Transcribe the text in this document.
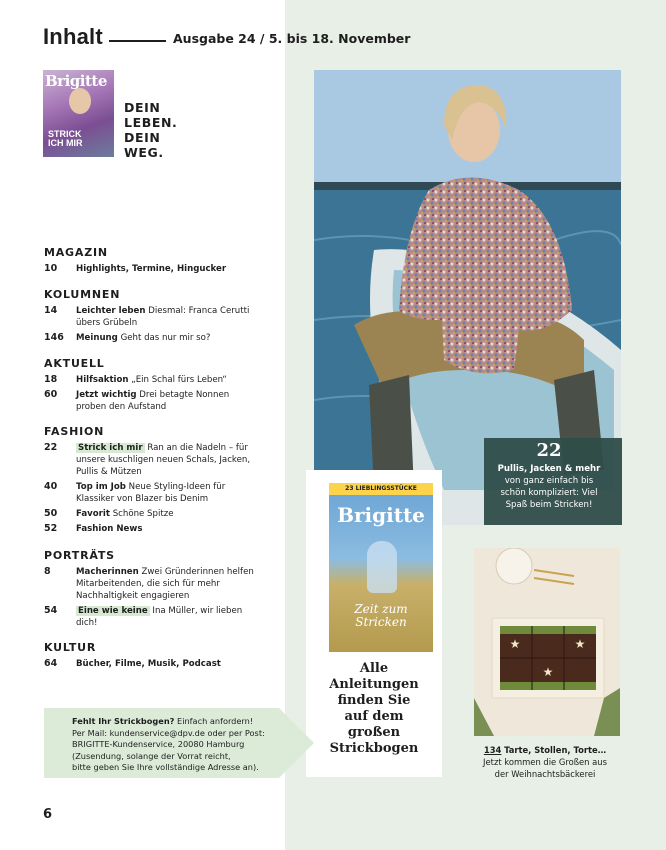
Inhalt	Ausgabe 24 / 5. bis 18. November
Brigitte
STRICK ICH MIR
DEIN
LEBEN.
DEIN
WEG.
MAGAZIN
10 Highlights, Termine, Hingucker
KOLUMNEN
14 Leichter leben Diesmal: Franca Cerutti übers Grübeln
146 Meinung Geht das nur mir so?
AKTUELL
18 Hilfsaktion „Ein Schal fürs Leben“
60 Jetzt wichtig Drei betagte Nonnen proben den Aufstand
FASHION
22 Strick ich mir Ran an die Nadeln – für unsere kuschligen neuen Schals, Jacken, Pullis & Mützen
40 Top im Job Neue Styling-Ideen für Klassiker von Blazer bis Denim
50 Favorit Schöne Spitze
52 Fashion News
PORTRÄTS
8	Macherinnen Zwei Gründerinnen helfen Mitarbeitenden, die sich für mehr Nachhaltigkeit engagieren
54 Eine wie keine Ina Müller, wir lieben dich!
KULTUR
64 Bücher, Filme, Musik, Podcast
22
Pullis, Jacken & mehr
von ganz einfach bis
schön kompliziert: Viel
Spaß beim Stricken!
23 LIEBLINGSSTÜCKE
Brigitte
Zeit zum Stricken
Alle
Anleitungen
finden Sie
auf dem
großen
Strickbogen
★
★
★
134 Tarte, Stollen, Torte…
Jetzt kommen die Großen aus
der Weihnachtsbäckerei
Fehlt Ihr Strickbogen? Einfach anfordern!
Per Mail: kundenservice@dpv.de oder per Post:
BRIGITTE-Kundenservice, 20080 Hamburg
(Zusendung, solange der Vorrat reicht,
bitte geben Sie Ihre vollständige Adresse an).
6
